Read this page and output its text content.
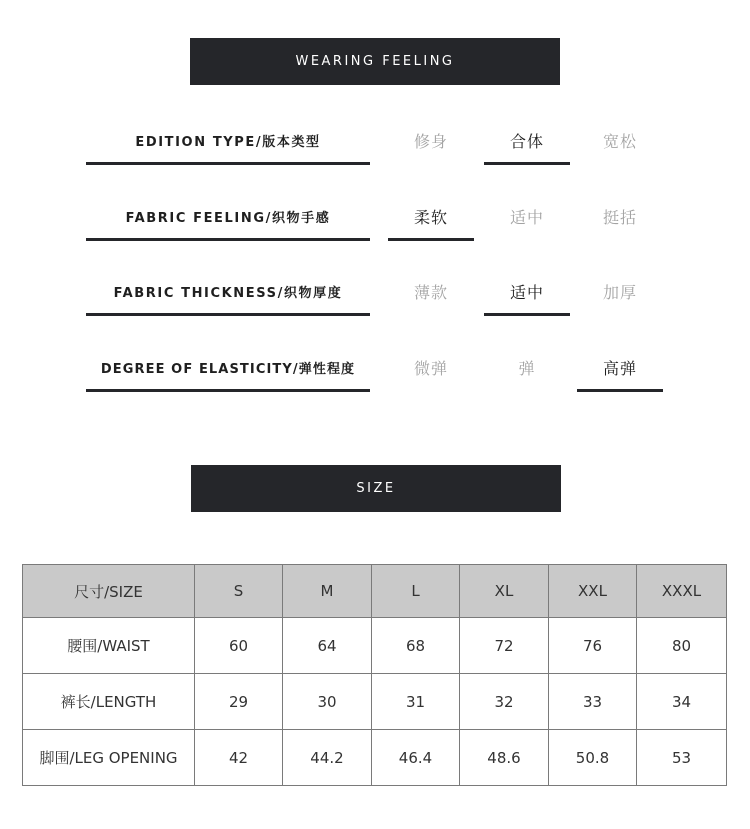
WEARING FEELING
EDITION TYPE/版本类型	修身	合体	宽松
FABRIC FEELING/织物手感	柔软	适中	挺括
FABRIC THICKNESS/织物厚度	薄款	适中	加厚
DEGREE OF ELASTICITY/弹性程度	微弹	弹	高弹
SIZE
尺寸/SIZE	S	M	L	XL	XXL	XXXL
腰围/WAIST	60	64	68	72	76	80
裤长/LENGTH	29	30	31	32	33	34
脚围/LEG OPENING	42	44.2	46.4	48.6	50.8	53
